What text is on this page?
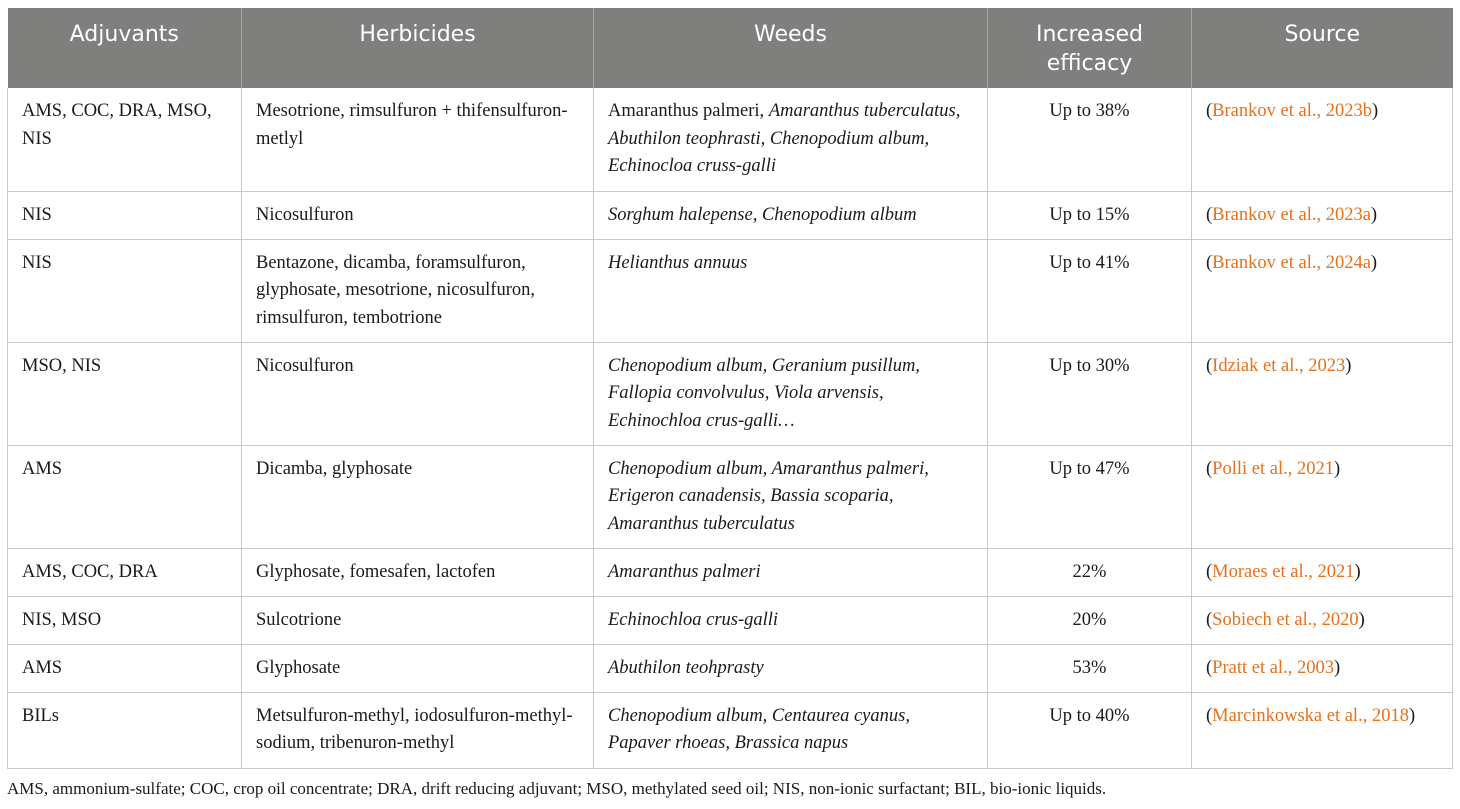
Adjuvants	Herbicides	Weeds	Increased efficacy	Source
AMS, COC, DRA, MSO, NIS	Mesotrione, rimsulfuron + thifensulfuron-metlyl	Amaranthus palmeri, Amaranthus tuberculatus, Abuthilon teophrasti, Chenopodium album, Echinocloa cruss-galli	Up to 38%	(Brankov et al., 2023b)
NIS	Nicosulfuron	Sorghum halepense, Chenopodium album	Up to 15%	(Brankov et al., 2023a)
NIS	Bentazone, dicamba, foramsulfuron, glyphosate, mesotrione, nicosulfuron, rimsulfuron, tembotrione	Helianthus annuus	Up to 41%	(Brankov et al., 2024a)
MSO, NIS	Nicosulfuron	Chenopodium album, Geranium pusillum, Fallopia convolvulus, Viola arvensis, Echinochloa crus-galli…	Up to 30%	(Idziak et al., 2023)
AMS	Dicamba, glyphosate	Chenopodium album, Amaranthus palmeri, Erigeron canadensis, Bassia scoparia, Amaranthus tuberculatus	Up to 47%	(Polli et al., 2021)
AMS, COC, DRA	Glyphosate, fomesafen, lactofen	Amaranthus palmeri	22%	(Moraes et al., 2021)
NIS, MSO	Sulcotrione	Echinochloa crus-galli	20%	(Sobiech et al., 2020)
AMS	Glyphosate	Abuthilon teohprasty	53%	(Pratt et al., 2003)
BILs	Metsulfuron-methyl, iodosulfuron-methyl-sodium, tribenuron-methyl	Chenopodium album, Centaurea cyanus, Papaver rhoeas, Brassica napus	Up to 40%	(Marcinkowska et al., 2018)
AMS, ammonium-sulfate; COC, crop oil concentrate; DRA, drift reducing adjuvant; MSO, methylated seed oil; NIS, non-ionic surfactant; BIL, bio-ionic liquids.
